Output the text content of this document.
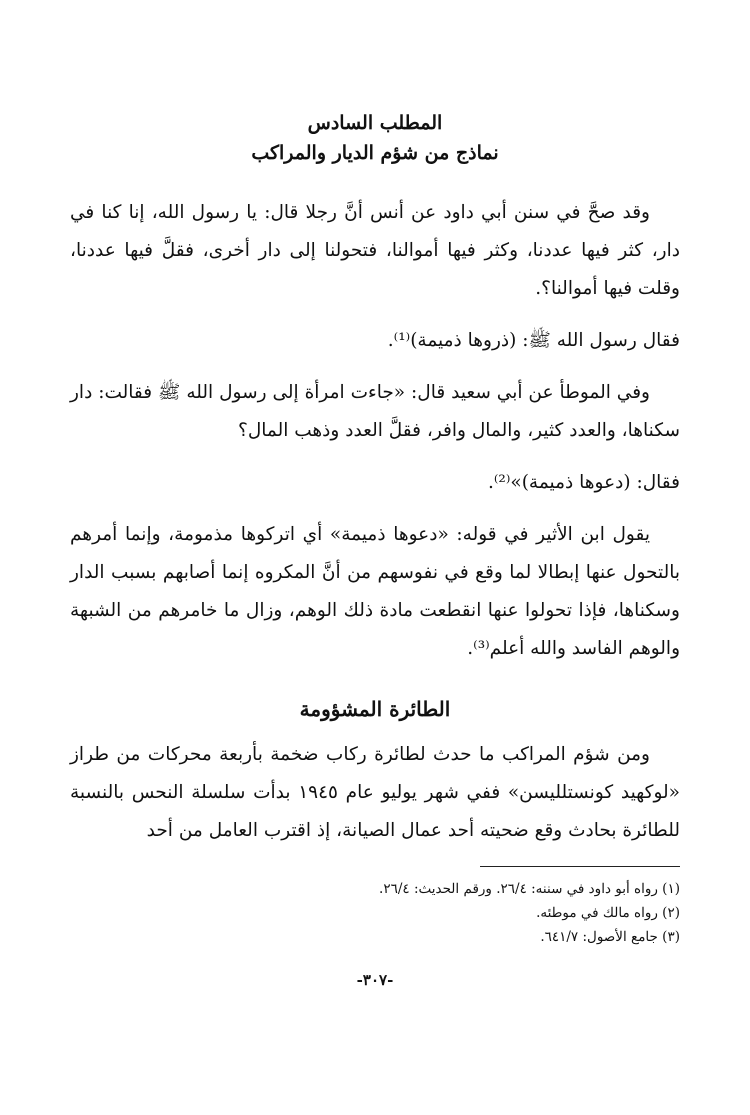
المطلب السادس
نماذج من شؤم الديار والمراكب

وقد صحَّ في سنن أبي داود عن أنس أنَّ رجلا قال: يا رسول الله، إنا كنا في دار، كثر فيها عددنا، وكثر فيها أموالنا، فتحولنا إلى دار أخرى، فقلَّ فيها عددنا، وقلت فيها أموالنا؟.

فقال رسول الله ﷺ: (ذروها ذميمة)⁽¹⁾.

وفي الموطأ عن أبي سعيد قال: «جاءت امرأة إلى رسول الله ﷺ فقالت: دار سكناها، والعدد كثير، والمال وافر، فقلَّ العدد وذهب المال؟

فقال: (دعوها ذميمة)»⁽²⁾.

يقول ابن الأثير في قوله: «دعوها ذميمة» أي اتركوها مذمومة، وإنما أمرهم بالتحول عنها إبطالا لما وقع في نفوسهم من أنَّ المكروه إنما أصابهم بسبب الدار وسكناها، فإذا تحولوا عنها انقطعت مادة ذلك الوهم، وزال ما خامرهم من الشبهة والوهم الفاسد والله أعلم⁽³⁾.

الطائرة المشؤومة

ومن شؤم المراكب ما حدث لطائرة ركاب ضخمة بأربعة محركات من طراز «لوكهيد كونستلليسن» ففي شهر يوليو عام ١٩٤٥ بدأت سلسلة النحس بالنسبة للطائرة بحادث وقع ضحيته أحد عمال الصيانة، إذ اقترب العامل من أحد

(١) رواه أبو داود في سننه: ٢٦/٤. ورقم الحديث: ٢٦/٤.

(٢) رواه مالك في موطئه.

(٣) جامع الأصول: ٦٤١/٧.

-٣٠٧-
